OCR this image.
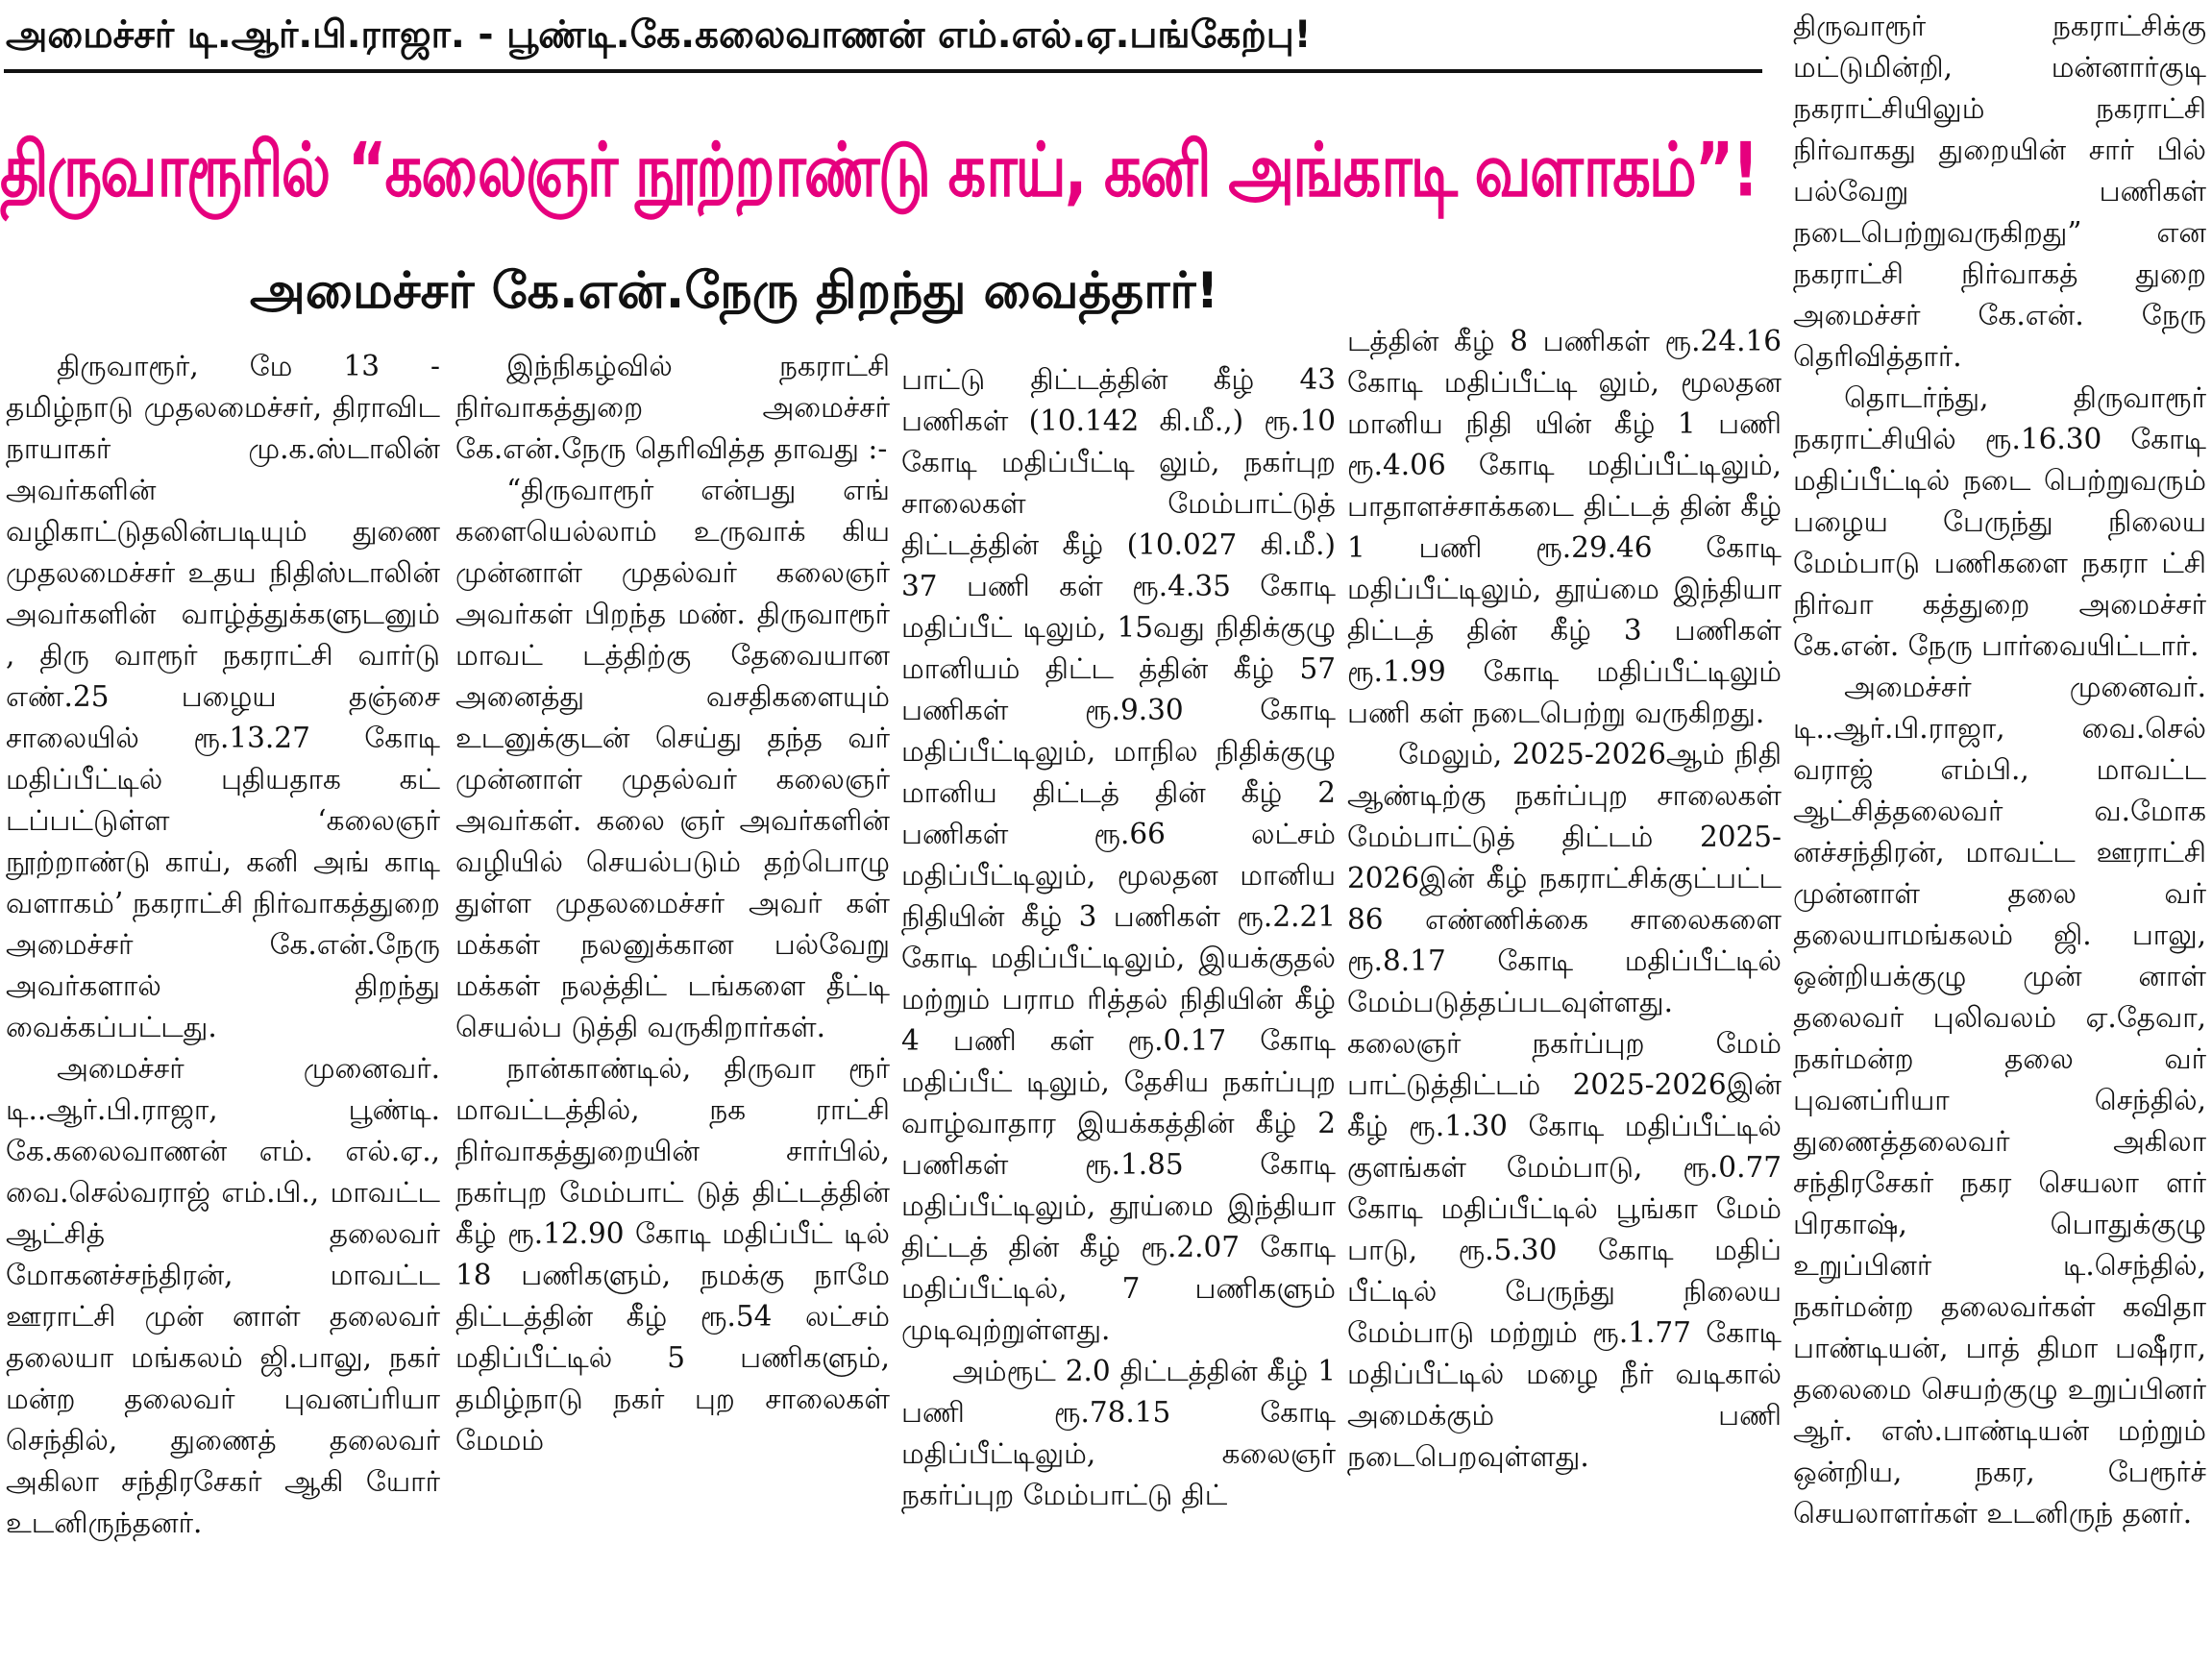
அமைச்சர் டி.ஆர்.பி.ராஜா. - பூண்டி.கே.கலைவாணன் எம்.எல்.ஏ.பங்கேற்பு!
திருவாரூரில் “கலைஞர் நூற்றாண்டு காய், கனி அங்காடி வளாகம்”!
அமைச்சர் கே.என்.நேரு திறந்து வைத்தார்!

திருவாரூர், மே 13 - தமிழ்நாடு முதலமைச்சர், திராவிட நாயாகர் மு.க.ஸ்டாலின் அவர்களின் வழிகாட்டுதலின்படியும் துணை முதலமைச்சர் உதய நிதிஸ்டாலின் அவர்களின் வாழ்த்துக்களுடனும் , திரு வாரூர் நகராட்சி வார்டு எண்.25 பழைய தஞ்சை சாலையில் ரூ.13.27 கோடி மதிப்பீட்டில் புதியதாக கட் டப்பட்டுள்ள ‘கலைஞர் நூற்றாண்டு காய், கனி அங் காடி வளாகம்’ நகராட்சி நிர்வாகத்துறை அமைச்சர் கே.என்.நேரு அவர்களால் திறந்து வைக்கப்பட்டது.

அமைச்சர் முனைவர். டி..ஆர்.பி.ராஜா, பூண்டி. கே.கலைவாணன் எம். எல்.ஏ., வை.செல்வராஜ் எம்.பி., மாவட்ட ஆட்சித் தலைவர் மோகனச்சந்திரன், மாவட்ட ஊராட்சி முன் னாள் தலைவர் தலையா மங்கலம் ஜி.பாலு, நகர் மன்ற தலைவர் புவனப்ரியா செந்தில், துணைத் தலைவர் அகிலா சந்திரசேகர் ஆகி யோர் உடனிருந்தனர்.

இந்நிகழ்வில் நகராட்சி நிர்வாகத்துறை அமைச்சர் கே.என்.நேரு தெரிவித்த தாவது :-

“திருவாரூர் என்பது எங் களையெல்லாம் உருவாக் கிய முன்னாள் முதல்வர் கலைஞர் அவர்கள் பிறந்த மண். திருவாரூர் மாவட் டத்திற்கு தேவையான அனைத்து வசதிகளையும் உடனுக்குடன் செய்து தந்த வர் முன்னாள் முதல்வர் கலைஞர் அவர்கள். கலை ஞர் அவர்களின் வழியில் செயல்படும் தற்பொழு துள்ள முதலமைச்சர் அவர் கள் மக்கள் நலனுக்கான பல்வேறு மக்கள் நலத்திட் டங்களை தீட்டி செயல்ப டுத்தி வருகிறார்கள்.

நான்காண்டில், திருவா ரூர் மாவட்டத்தில், நக ராட்சி நிர்வாகத்துறையின் சார்பில், நகர்புற மேம்பாட் டுத் திட்டத்தின் கீழ் ரூ.12.90 கோடி மதிப்பீட் டில் 18 பணிகளும், நமக்கு நாமே திட்டத்தின் கீழ் ரூ.54 லட்சம் மதிப்பீட்டில் 5 பணிகளும், தமிழ்நாடு நகர் புற சாலைகள் மேமம்

பாட்டு திட்டத்தின் கீழ் 43 பணிகள் (10.142 கி.மீ.,) ரூ.10 கோடி மதிப்பீட்டி லும், நகர்புற சாலைகள் மேம்பாட்டுத் திட்டத்தின் கீழ் (10.027 கி.மீ.) 37 பணி கள் ரூ.4.35 கோடி மதிப்பீட் டிலும், 15வது நிதிக்குழு மானியம் திட்ட த்தின் கீழ் 57 பணிகள் ரூ.9.30 கோடி மதிப்பீட்டிலும், மாநில நிதிக்குழு மானிய திட்டத் தின் கீழ் 2 பணிகள் ரூ.66 லட்சம் மதிப்பீட்டிலும், மூலதன மானிய நிதியின் கீழ் 3 பணிகள் ரூ.2.21 கோடி மதிப்பீட்டிலும், இயக்குதல் மற்றும் பராம ரித்தல் நிதியின் கீழ் 4 பணி கள் ரூ.0.17 கோடி மதிப்பீட் டிலும், தேசிய நகர்ப்புற வாழ்வாதார இயக்கத்தின் கீழ் 2 பணிகள் ரூ.1.85 கோடி மதிப்பீட்டிலும், தூய்மை இந்தியா திட்டத் தின் கீழ் ரூ.2.07 கோடி மதிப்பீட்டில், 7 பணிகளும் முடிவுற்றுள்ளது.

அம்ரூட் 2.0 திட்டத்தின் கீழ் 1 பணி ரூ.78.15 கோடி மதிப்பீட்டிலும், கலைஞர் நகர்ப்புற மேம்பாட்டு திட்

டத்தின் கீழ் 8 பணிகள் ரூ.24.16 கோடி மதிப்பீட்டி லும், மூலதன மானிய நிதி யின் கீழ் 1 பணி ரூ.4.06 கோடி மதிப்பீட்டிலும், பாதாளச்சாக்கடை திட்டத் தின் கீழ் 1 பணி ரூ.29.46 கோடி மதிப்பீட்டிலும், தூய்மை இந்தியா திட்டத் தின் கீழ் 3 பணிகள் ரூ.1.99 கோடி மதிப்பீட்டிலும் பணி கள் நடைபெற்று வருகிறது.

மேலும், 2025-2026ஆம் நிதி ஆண்டிற்கு நகர்ப்புற சாலைகள் மேம்பாட்டுத் திட்டம் 2025-2026இன் கீழ் நகராட்சிக்குட்பட்ட 86 எண்ணிக்கை சாலைகளை ரூ.8.17 கோடி மதிப்பீட்டில் மேம்படுத்தப்படவுள்ளது. கலைஞர் நகர்ப்புற மேம் பாட்டுத்திட்டம் 2025-2026இன் கீழ் ரூ.1.30 கோடி மதிப்பீட்டில் குளங்கள் மேம்பாடு, ரூ.0.77 கோடி மதிப்பீட்டில் பூங்கா மேம் பாடு, ரூ.5.30 கோடி மதிப் பீட்டில் பேருந்து நிலைய மேம்பாடு மற்றும் ரூ.1.77 கோடி மதிப்பீட்டில் மழை நீர் வடிகால் அமைக்கும் பணி நடைபெறவுள்ளது.

திருவாரூர் நகராட்சிக்கு மட்டுமின்றி, மன்னார்குடி நகராட்சியிலும் நகராட்சி நிர்வாகது துறையின் சார் பில் பல்வேறு பணிகள் நடைபெற்றுவருகிறது” என நகராட்சி நிர்வாகத் துறை அமைச்சர் கே.என். நேரு தெரிவித்தார்.

தொடர்ந்து, திருவாரூர் நகராட்சியில் ரூ.16.30 கோடி மதிப்பீட்டில் நடை பெற்றுவரும் பழைய பேருந்து நிலைய மேம்பாடு பணிகளை நகரா ட்சி நிர்வா கத்துறை அமைச்சர் கே.என். நேரு பார்வையிட்டார்.

அமைச்சர் முனைவர். டி..ஆர்.பி.ராஜா, வை.செல் வராஜ் எம்பி., மாவட்ட ஆட்சித்தலைவர் வ.மோக னச்சந்திரன், மாவட்ட ஊராட்சி முன்னாள் தலை வர் தலையாமங்கலம் ஜி. பாலு, ஒன்றியக்குழு முன் னாள் தலைவர் புலிவலம் ஏ.தேவா, நகர்மன்ற தலை வர் புவனப்ரியா செந்தில், துணைத்தலைவர் அகிலா சந்திரசேகர் நகர செயலா ளர் பிரகாஷ், பொதுக்குழு உறுப்பினர் டி.செந்தில், நகர்மன்ற தலைவர்கள் கவிதா பாண்டியன், பாத் திமா பஷீரா, தலைமை செயற்குழு உறுப்பினர் ஆர். எஸ்.பாண்டியன் மற்றும் ஒன்றிய, நகர, பேரூர்ச் செயலாளர்கள் உடனிருந் தனர்.
